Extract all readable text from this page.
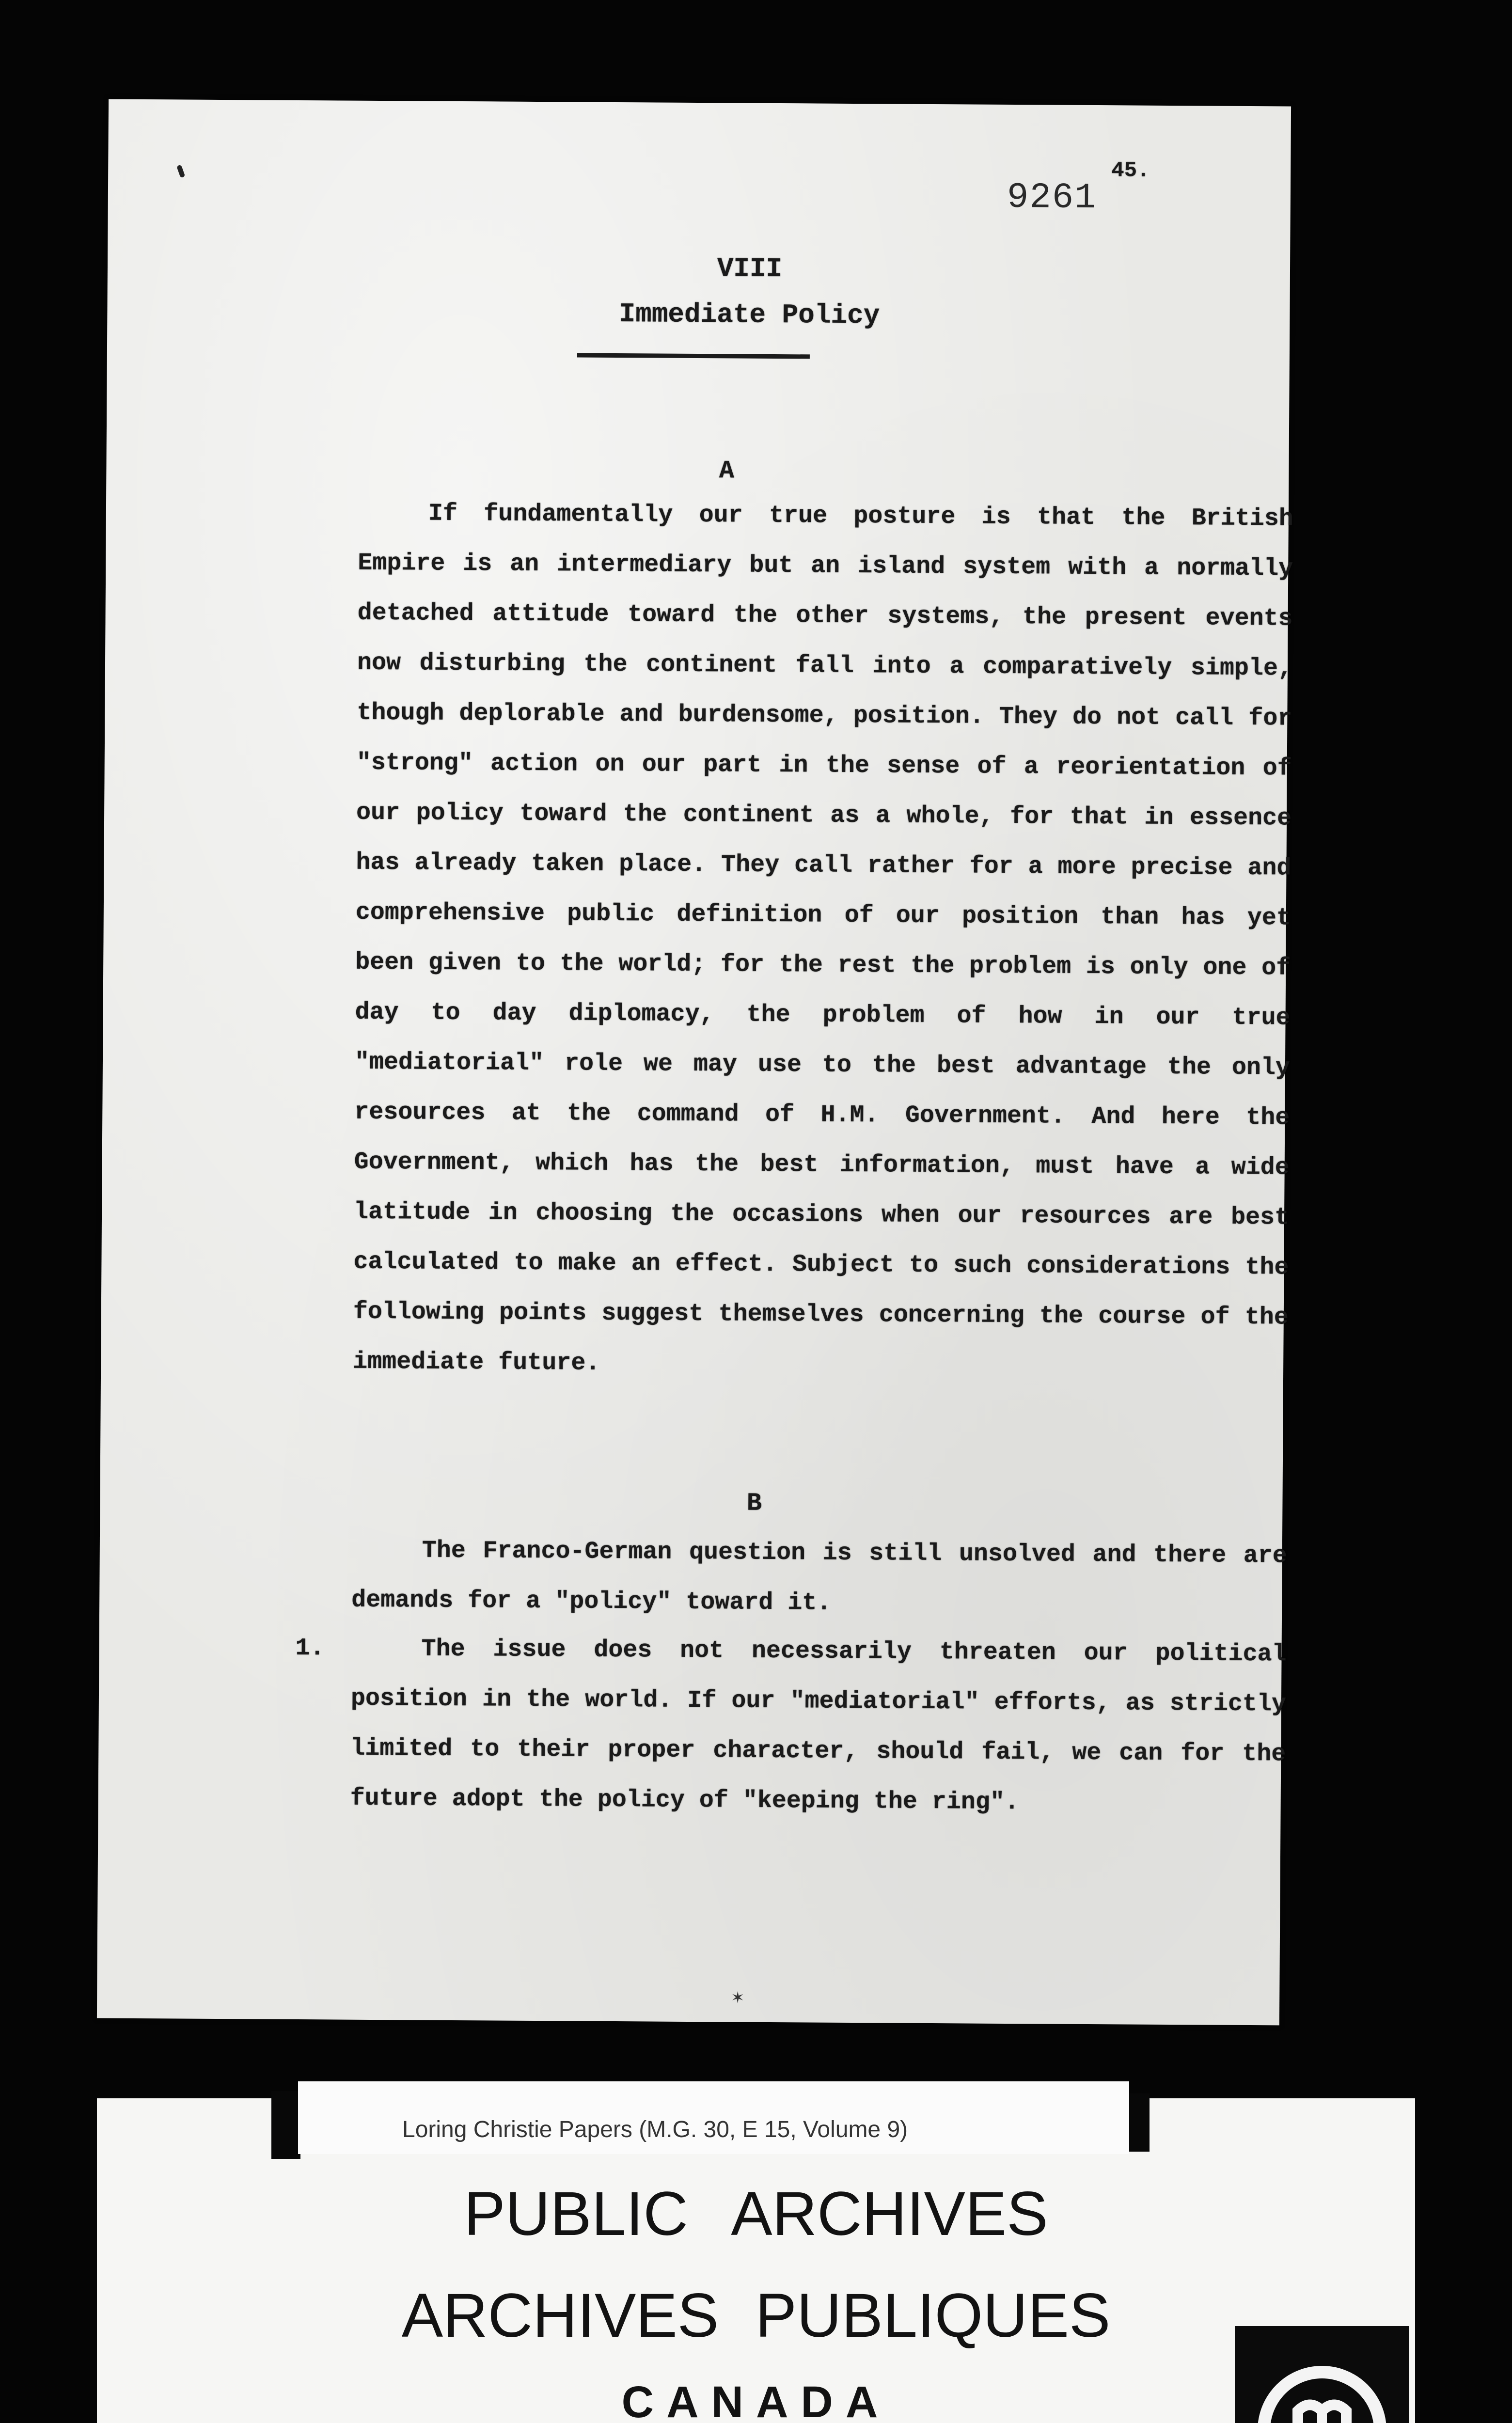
9261
45.
VIII
Immediate Policy
A

If fundamentally our true posture is that the British Empire is an intermediary but an island system with a normally detached attitude toward the other systems, the present events now disturbing the continent fall into a comparatively simple, though deplorable and burdensome, position. They do not call for "strong" action on our part in the sense of a reorientation of our policy toward the continent as a whole, for that in essence has already taken place. They call rather for a more precise and comprehensive public definition of our position than has yet been given to the world; for the rest the problem is only one of day to day diplomacy, the problem of how in our true "mediatorial" role we may use to the best advantage the only resources at the command of H.M. Government. And here the Government, which has the best information, must have a wide latitude in choosing the occasions when our resources are best calculated to make an effect. Subject to such considerations the following points suggest themselves concerning the course of the immediate future.

B

The Franco-German question is still unsolved and there are demands for a "policy" toward it.

1.	The issue does not necessarily threaten our political position in the world. If our "mediatorial" efforts, as strictly limited to their proper character, should fail, we can for the future adopt the policy of "keeping the ring".

✶
Loring Christie Papers (M.G. 30, E 15, Volume 9)
PUBLIC ARCHIVES
ARCHIVES PUBLIQUES
CANADA
